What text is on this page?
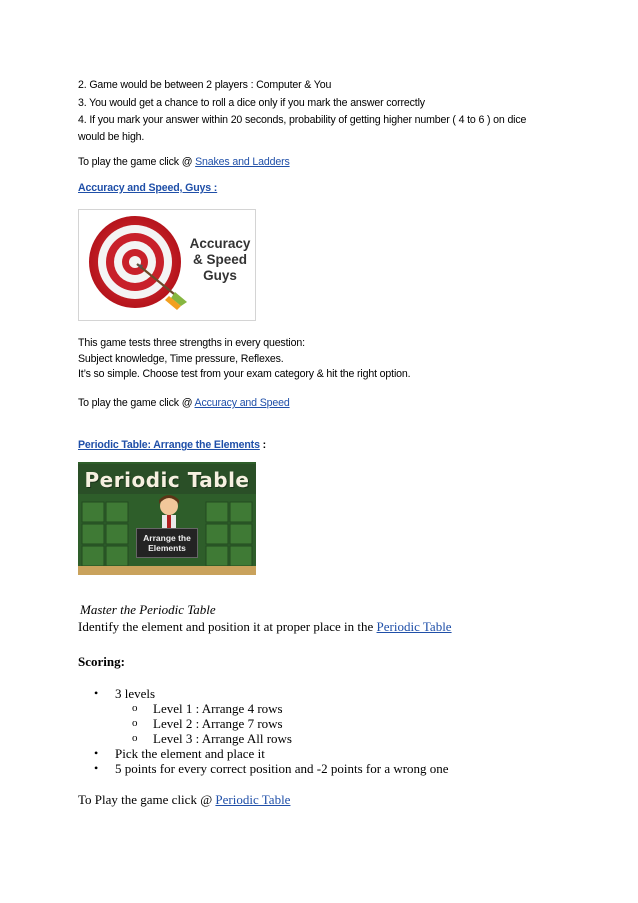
2. Game would be between 2 players : Computer & You
3. You would get a chance to roll a dice only if you mark the answer correctly
4. If you mark your answer within 20 seconds, probability of getting higher number ( 4 to 6 ) on dice
would be high.
To play the game click @ Snakes and Ladders
Accuracy and Speed, Guys :
Accuracy
& Speed
Guys
This game tests three strengths in every question:
Subject knowledge, Time pressure, Reflexes.
It’s so simple. Choose test from your exam category & hit the right option.
To play the game click @ Accuracy and Speed
Periodic Table: Arrange the Elements :
Periodic Table
Arrange the
Elements
Master the Periodic Table
Identify the element and position it at proper place in the Periodic Table
Scoring:
• 3 levels
o Level 1 : Arrange 4 rows
o Level 2 : Arrange 7 rows
o Level 3 : Arrange All rows
• Pick the element and place it
• 5 points for every correct position and -2 points for a wrong one
To Play the game click @ Periodic Table
